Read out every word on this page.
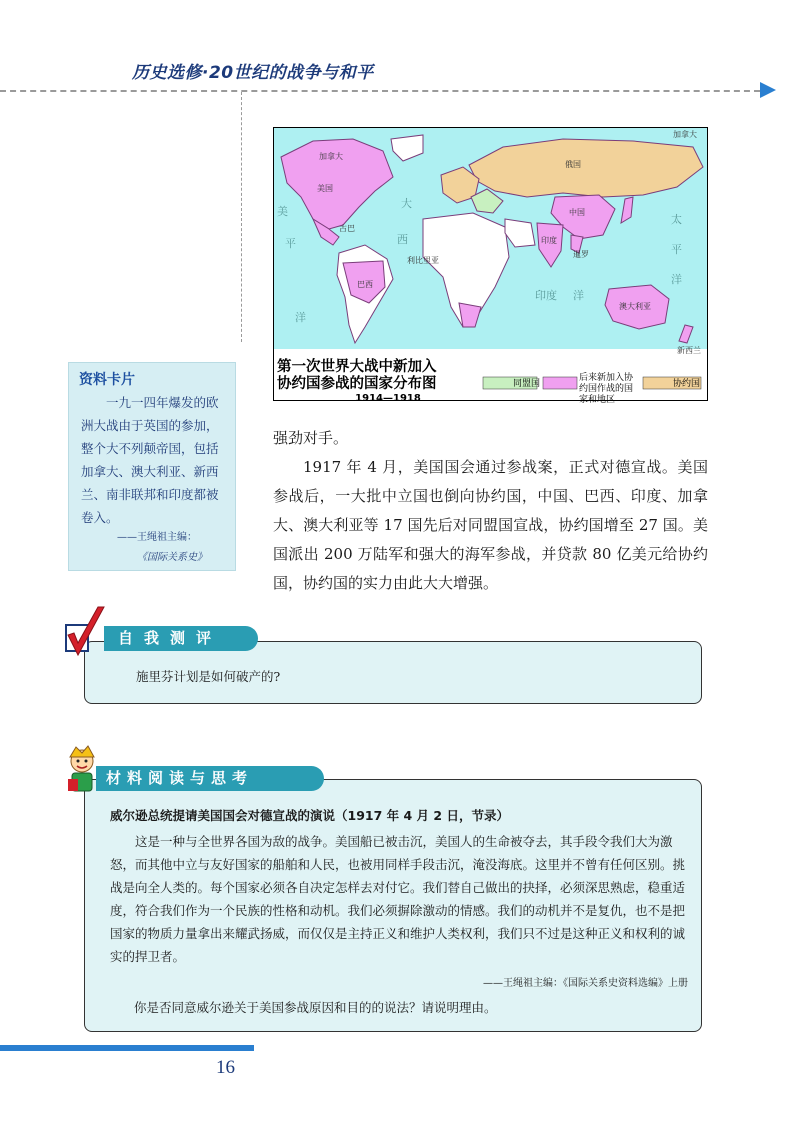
历史选修·20世纪的战争与和平
加拿大
美国
巴西
俄国
中国
印度
澳大利亚
新西兰
利比里亚
暹罗
古巴
加拿大
大
西
平
洋
太
平
洋
印度 洋
美
第一次世界大战中新加入
协约国参战的国家分布图
1914—1918
同盟国
后来新加入协约国作战的国家和地区
协约国
资料卡片
一九一四年爆发的欧洲大战由于英国的参加，整个大不列颠帝国，包括加拿大、澳大利亚、新西兰、南非联邦和印度都被卷入。
——王绳祖主编：
《国际关系史》

强劲对手。

1917 年 4 月，美国国会通过参战案，正式对德宣战。美国参战后，一大批中立国也倒向协约国，中国、巴西、印度、加拿大、澳大利亚等 17 国先后对同盟国宣战，协约国增至 27 国。美国派出 200 万陆军和强大的海军参战，并贷款 80 亿美元给协约国，协约国的实力由此大大增强。

自我测评
施里芬计划是如何破产的?
材料阅读与思考
威尔逊总统提请美国国会对德宣战的演说（1917 年 4 月 2 日，节录）
这是一种与全世界各国为敌的战争。美国船已被击沉，美国人的生命被夺去，其手段令我们大为激怒，而其他中立与友好国家的船舶和人民，也被用同样手段击沉，淹没海底。这里并不曾有任何区别。挑战是向全人类的。每个国家必须各自决定怎样去对付它。我们替自己做出的抉择，必须深思熟虑，稳重适度，符合我们作为一个民族的性格和动机。我们必须摒除激动的情感。我们的动机并不是复仇，也不是把国家的物质力量拿出来耀武扬威，而仅仅是主持正义和维护人类权利，我们只不过是这种正义和权利的诚实的捍卫者。
——王绳祖主编：《国际关系史资料选编》上册
你是否同意威尔逊关于美国参战原因和目的的说法？请说明理由。
16
